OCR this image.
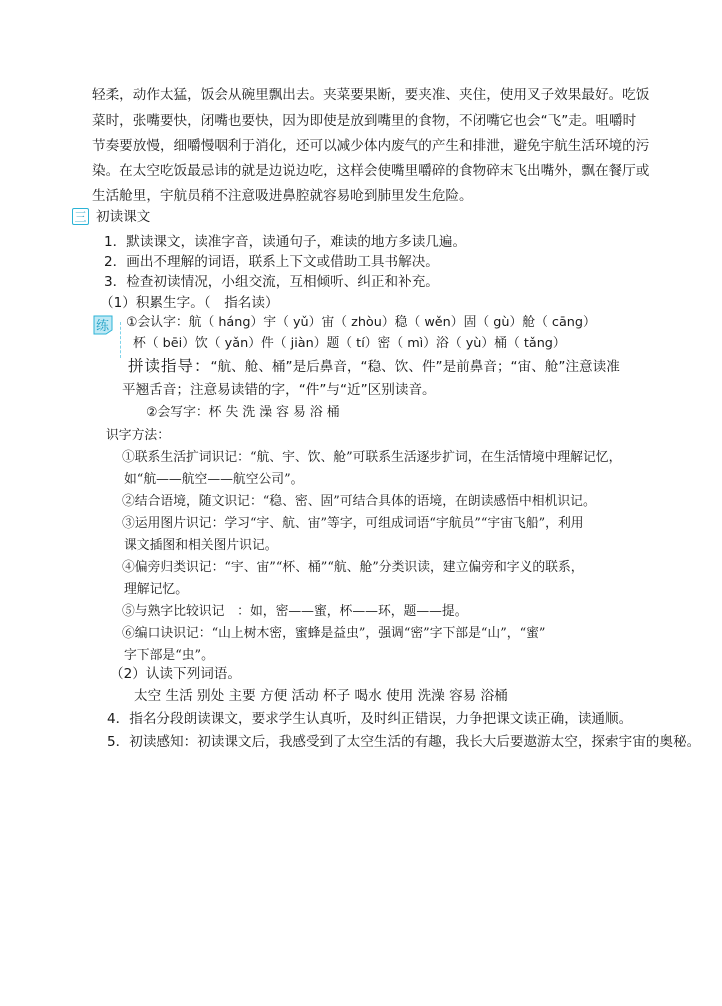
轻柔，动作太猛，饭会从碗里飘出去。夹菜要果断，要夹准、夹住，使用叉子效果最好。吃饭
菜时，张嘴要快，闭嘴也要快，因为即使是放到嘴里的食物，不闭嘴它也会“飞”走。咀嚼时
节奏要放慢，细嚼慢咽利于消化，还可以减少体内废气的产生和排泄，避免宇航生活环境的污
染。在太空吃饭最忌讳的就是边说边吃，这样会使嘴里嚼碎的食物碎末飞出嘴外，飘在餐厅或
生活舱里，宇航员稍不注意吸进鼻腔就容易呛到肺里发生危险。
三 初读课文
1．默读课文，读准字音，读通句子，难读的地方多读几遍。
2．画出不理解的词语，联系上下文或借助工具书解决。
3．检查初读情况，小组交流，互相倾听、纠正和补充。
（1）积累生字。（　指名读）
练 ①会认字：航（ háng）宇（ yǔ）宙（ zhòu）稳（ wěn）固（ gù）舱（ cāng）
杯（ bēi）饮（ yǎn）件（ jiàn）题（ tí）密（ mì）浴（ yù）桶（ tǎng）
拼读指导：“航、舱、桶”是后鼻音，“稳、饮、件”是前鼻音；“宙、舱”注意读准
平翘舌音；注意易读错的字，“件”与“近”区别读音。
②会写字：杯 失 洗 澡 容 易 浴 桶
识字方法：
①联系生活扩词识记：“航、宇、饮、舱”可联系生活逐步扩词，在生活情境中理解记忆，
如“航——航空——航空公司”。
②结合语境，随文识记：“稳、密、固”可结合具体的语境，在朗读感悟中相机识记。
③运用图片识记：学习“宇、航、宙”等字，可组成词语“宇航员”“宇宙飞船”，利用
课文插图和相关图片识记。
④偏旁归类识记：“宇、宙”“杯、桶”“航、舱”分类识读，建立偏旁和字义的联系，
理解记忆。
⑤与熟字比较识记　：如，密——蜜，杯——环，题——提。
⑥编口诀识记：“山上树木密，蜜蜂是益虫”，强调“密”字下部是“山”，“蜜”
字下部是“虫”。
（2）认读下列词语。
太空 生活 别处 主要 方便 活动 杯子 喝水 使用 洗澡 容易 浴桶
4．指名分段朗读课文，要求学生认真听，及时纠正错误，力争把课文读正确，读通顺。
5．初读感知：初读课文后，我感受到了太空生活的有趣，我长大后要遨游太空，探索宇宙的奥秘。
